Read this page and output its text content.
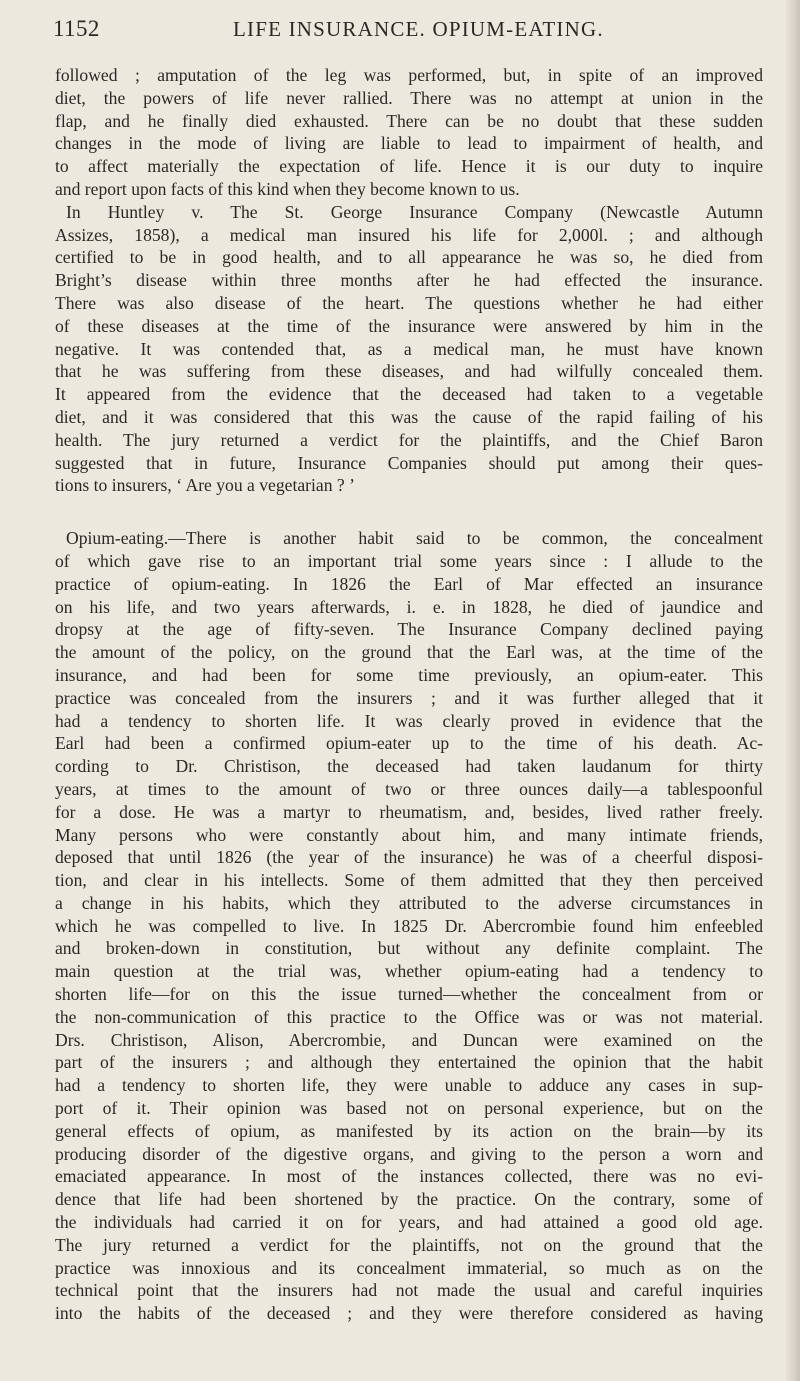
1152	LIFE INSURANCE. OPIUM-EATING.
followed ; amputation of the leg was performed, but, in spite of an improved
diet, the powers of life never rallied. There was no attempt at union in the
flap, and he finally died exhausted. There can be no doubt that these sudden
changes in the mode of living are liable to lead to impairment of health, and
to affect materially the expectation of life. Hence it is our duty to inquire
and report upon facts of this kind when they become known to us.
In Huntley v. The St. George Insurance Company (Newcastle Autumn
Assizes, 1858), a medical man insured his life for 2,000l. ; and although
certified to be in good health, and to all appearance he was so, he died from
Bright’s disease within three months after he had effected the insurance.
There was also disease of the heart. The questions whether he had either
of these diseases at the time of the insurance were answered by him in the
negative. It was contended that, as a medical man, he must have known
that he was suffering from these diseases, and had wilfully concealed them.
It appeared from the evidence that the deceased had taken to a vegetable
diet, and it was considered that this was the cause of the rapid failing of his
health. The jury returned a verdict for the plaintiffs, and the Chief Baron
suggested that in future, Insurance Companies should put among their ques-
tions to insurers, ‘ Are you a vegetarian ? ’
Opium-eating.—There is another habit said to be common, the concealment
of which gave rise to an important trial some years since : I allude to the
practice of opium-eating. In 1826 the Earl of Mar effected an insurance
on his life, and two years afterwards, i. e. in 1828, he died of jaundice and
dropsy at the age of fifty-seven. The Insurance Company declined paying
the amount of the policy, on the ground that the Earl was, at the time of the
insurance, and had been for some time previously, an opium-eater. This
practice was concealed from the insurers ; and it was further alleged that it
had a tendency to shorten life. It was clearly proved in evidence that the
Earl had been a confirmed opium-eater up to the time of his death. Ac-
cording to Dr. Christison, the deceased had taken laudanum for thirty
years, at times to the amount of two or three ounces daily—a tablespoonful
for a dose. He was a martyr to rheumatism, and, besides, lived rather freely.
Many persons who were constantly about him, and many intimate friends,
deposed that until 1826 (the year of the insurance) he was of a cheerful disposi-
tion, and clear in his intellects. Some of them admitted that they then perceived
a change in his habits, which they attributed to the adverse circumstances in
which he was compelled to live. In 1825 Dr. Abercrombie found him enfeebled
and broken-down in constitution, but without any definite complaint. The
main question at the trial was, whether opium-eating had a tendency to
shorten life—for on this the issue turned—whether the concealment from or
the non-communication of this practice to the Office was or was not material.
Drs. Christison, Alison, Abercrombie, and Duncan were examined on the
part of the insurers ; and although they entertained the opinion that the habit
had a tendency to shorten life, they were unable to adduce any cases in sup-
port of it. Their opinion was based not on personal experience, but on the
general effects of opium, as manifested by its action on the brain—by its
producing disorder of the digestive organs, and giving to the person a worn and
emaciated appearance. In most of the instances collected, there was no evi-
dence that life had been shortened by the practice. On the contrary, some of
the individuals had carried it on for years, and had attained a good old age.
The jury returned a verdict for the plaintiffs, not on the ground that the
practice was innoxious and its concealment immaterial, so much as on the
technical point that the insurers had not made the usual and careful inquiries
into the habits of the deceased ; and they were therefore considered as having
